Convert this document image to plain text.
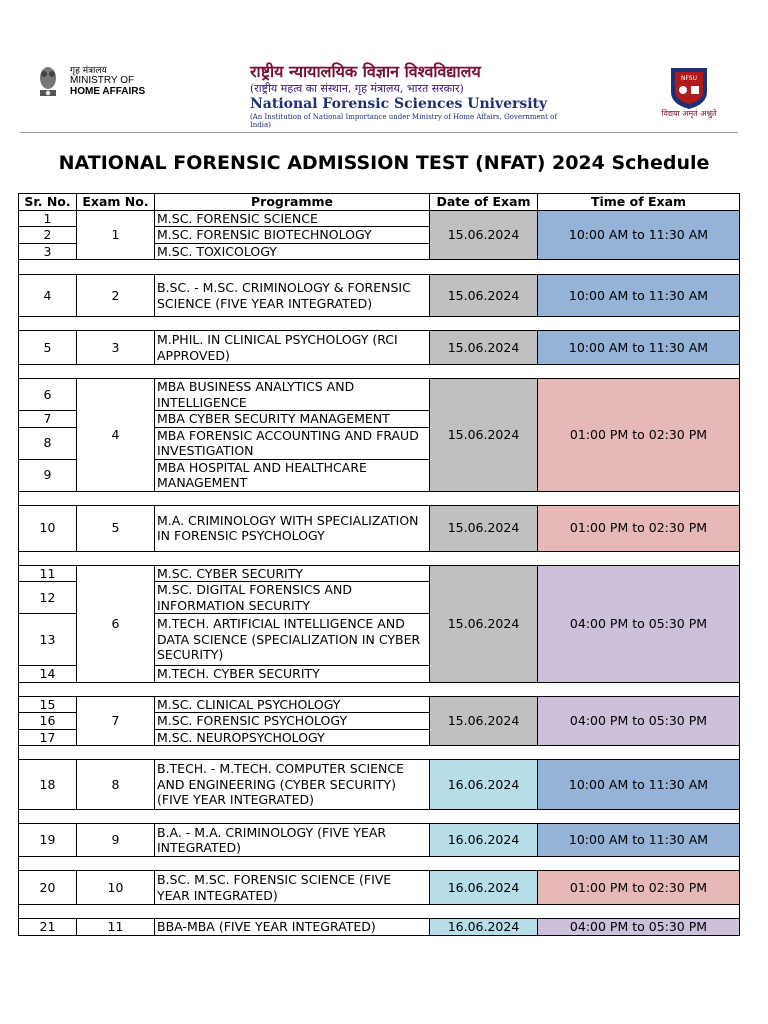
गृह मंत्रालय
MINISTRY OF
HOME AFFAIRS
राष्ट्रीय न्यायालयिक विज्ञान विश्वविद्यालय
(राष्ट्रीय महत्व का संस्थान, गृह मंत्रालय, भारत सरकार)
National Forensic Sciences University
(An Institution of National Importance under Ministry of Home Affairs, Government of India)
NFSU
विद्यया अमृतं अश्नुते
NATIONAL FORENSIC ADMISSION TEST (NFAT) 2024 Schedule
Sr. No.	Exam No.	Programme	Date of Exam	Time of Exam
1	1	M.SC. FORENSIC SCIENCE	15.06.2024	10:00 AM to 11:30 AM
2		M.SC. FORENSIC BIOTECHNOLOGY		
3		M.SC. TOXICOLOGY		

4	2	B.SC. - M.SC. CRIMINOLOGY & FORENSIC SCIENCE (FIVE YEAR INTEGRATED)	15.06.2024	10:00 AM to 11:30 AM

5	3	M.PHIL. IN CLINICAL PSYCHOLOGY (RCI APPROVED)	15.06.2024	10:00 AM to 11:30 AM

6	4	MBA BUSINESS ANALYTICS AND INTELLIGENCE	15.06.2024	01:00 PM to 02:30 PM
7		MBA CYBER SECURITY MANAGEMENT		
8		MBA FORENSIC ACCOUNTING AND FRAUD INVESTIGATION		
9		MBA HOSPITAL AND HEALTHCARE MANAGEMENT		

10	5	M.A. CRIMINOLOGY WITH SPECIALIZATION IN FORENSIC PSYCHOLOGY	15.06.2024	01:00 PM to 02:30 PM

11	6	M.SC. CYBER SECURITY	15.06.2024	04:00 PM to 05:30 PM
12		M.SC. DIGITAL FORENSICS AND INFORMATION SECURITY		
13		M.TECH. ARTIFICIAL INTELLIGENCE AND DATA SCIENCE (SPECIALIZATION IN CYBER SECURITY)		
14		M.TECH. CYBER SECURITY		

15	7	M.SC. CLINICAL PSYCHOLOGY	15.06.2024	04:00 PM to 05:30 PM
16		M.SC. FORENSIC PSYCHOLOGY		
17		M.SC. NEUROPSYCHOLOGY		

18	8	B.TECH. - M.TECH. COMPUTER SCIENCE AND ENGINEERING (CYBER SECURITY) (FIVE YEAR INTEGRATED)	16.06.2024	10:00 AM to 11:30 AM

19	9	B.A. - M.A. CRIMINOLOGY (FIVE YEAR INTEGRATED)	16.06.2024	10:00 AM to 11:30 AM

20	10	B.SC. M.SC. FORENSIC SCIENCE (FIVE YEAR INTEGRATED)	16.06.2024	01:00 PM to 02:30 PM

21	11	BBA-MBA (FIVE YEAR INTEGRATED)	16.06.2024	04:00 PM to 05:30 PM
